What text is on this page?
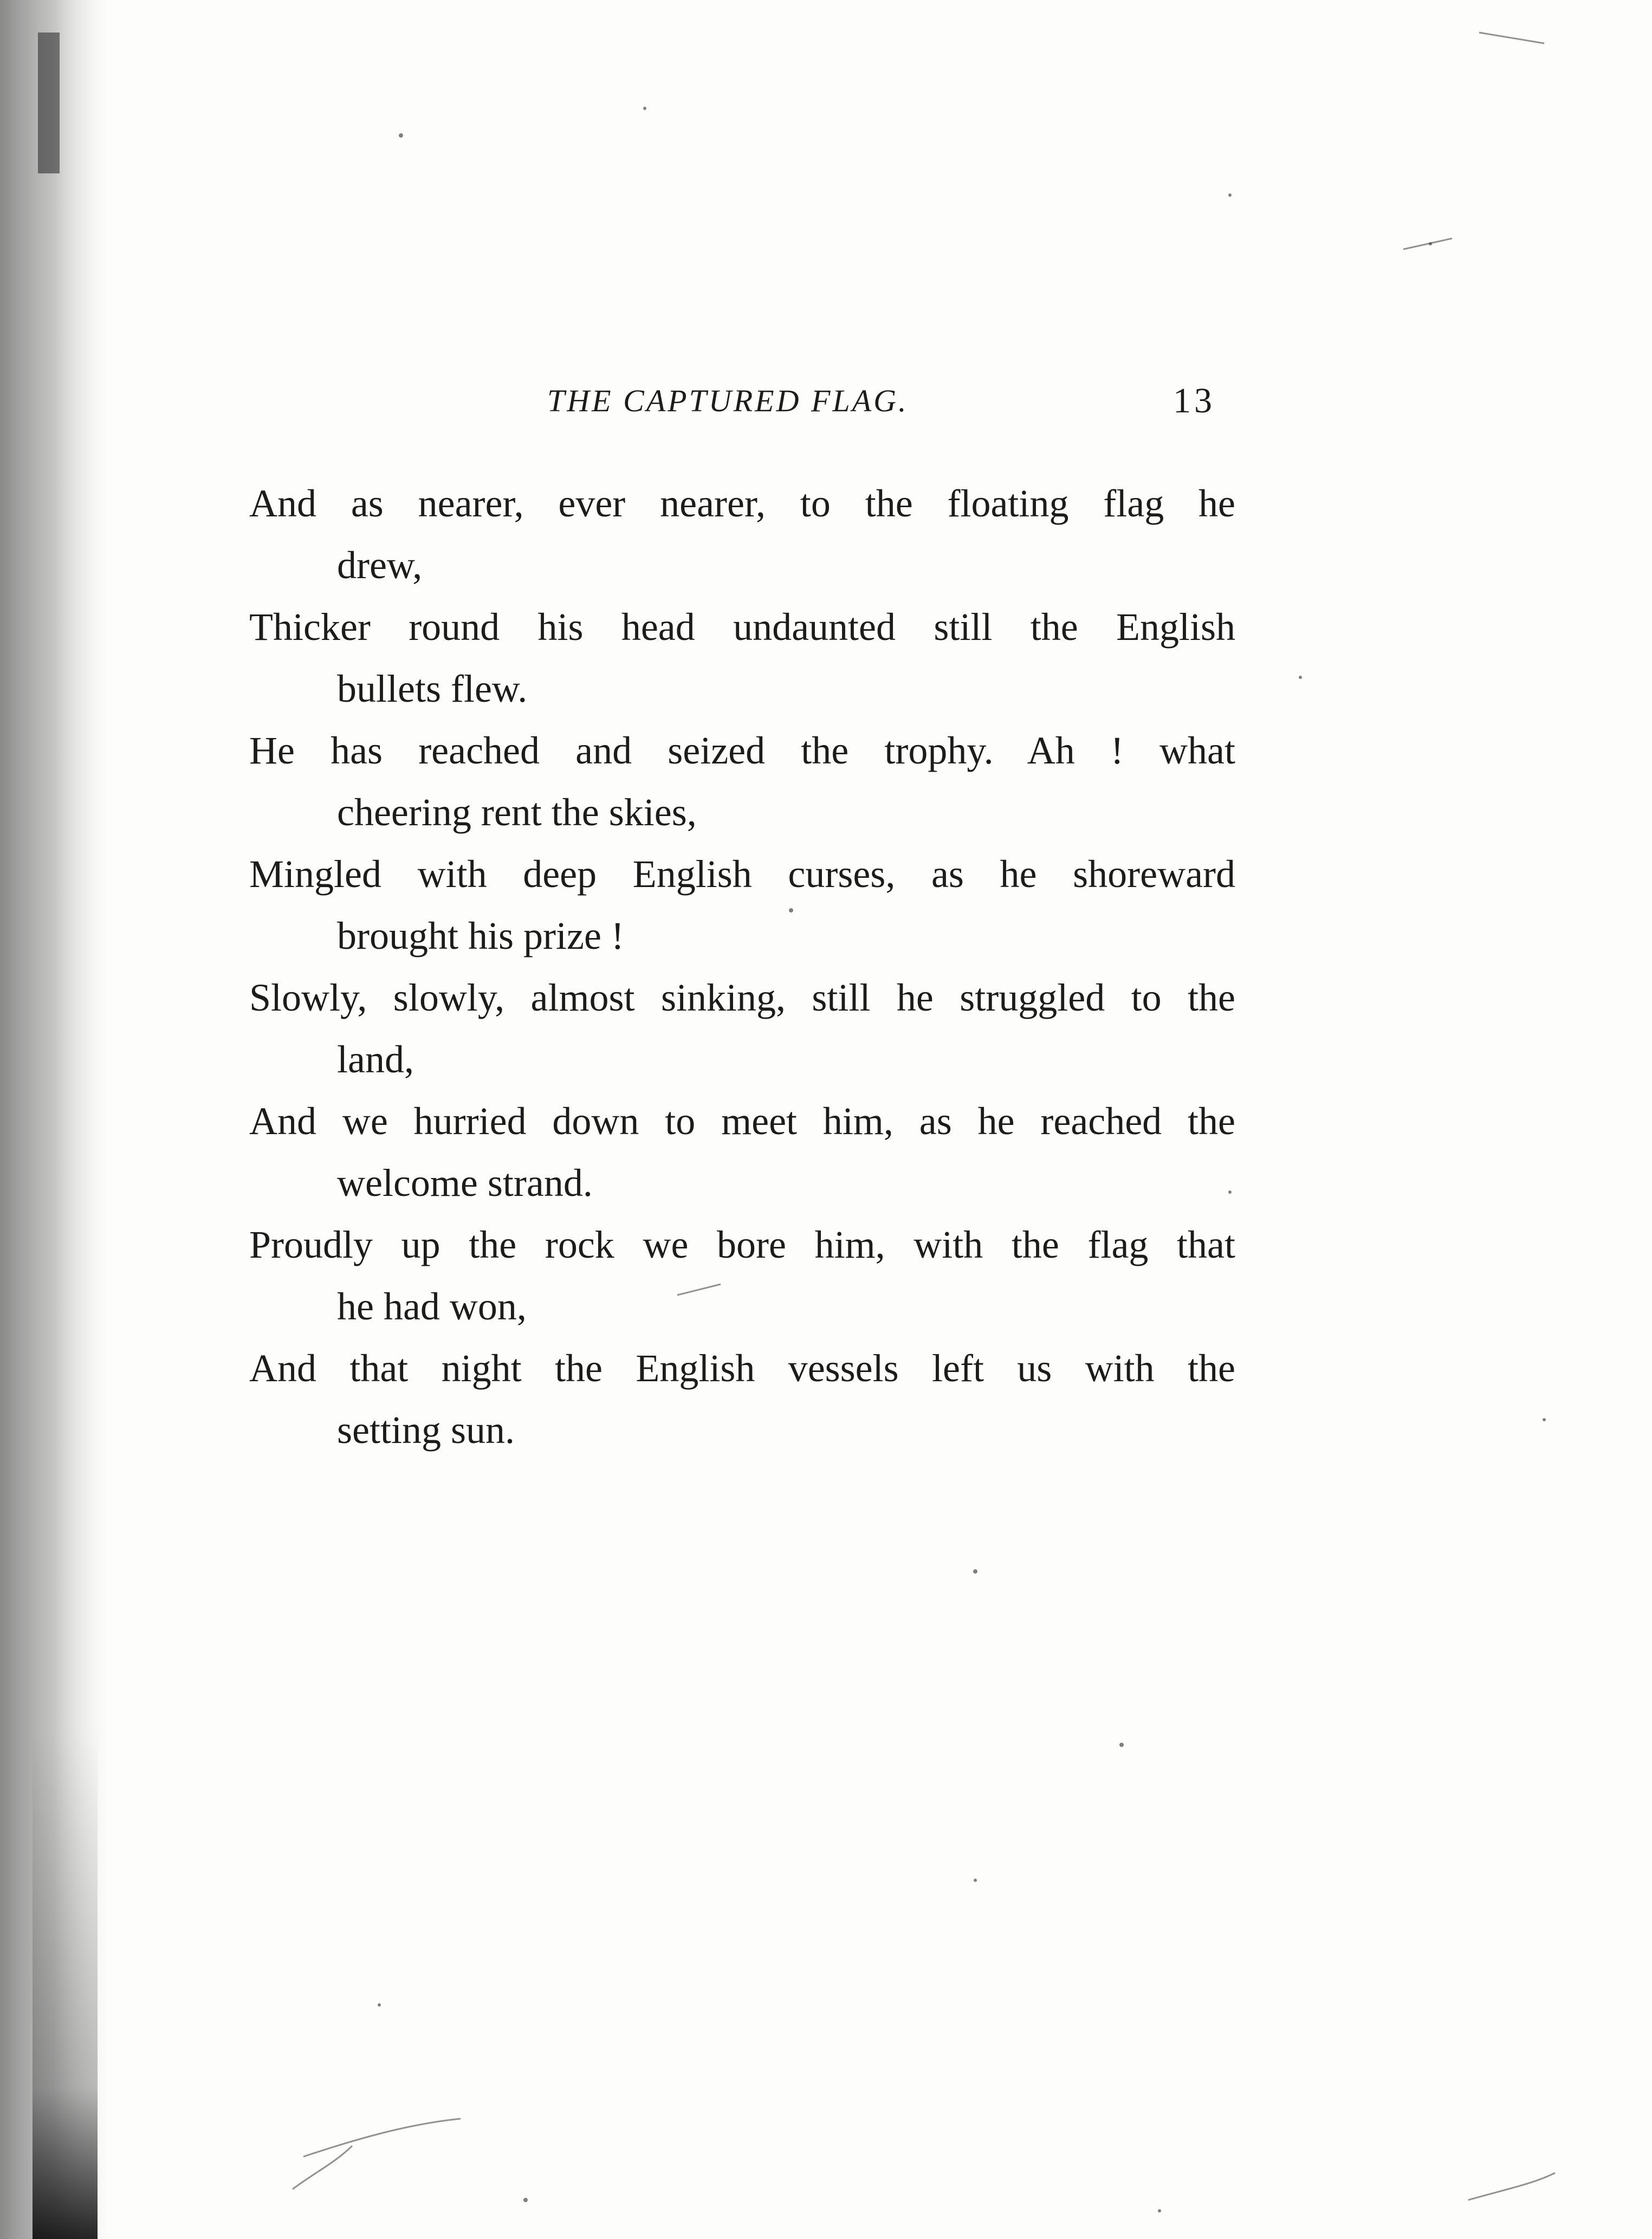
THE CAPTURED FLAG.	13

And as nearer, ever nearer, to the floating flag he

drew,

Thicker round his head undaunted still the English

bullets flew.

He has reached and seized the trophy. Ah ! what

cheering rent the skies,

Mingled with deep English curses, as he shoreward

brought his prize !

Slowly, slowly, almost sinking, still he struggled to the

land,

And we hurried down to meet him, as he reached the

welcome strand.

Proudly up the rock we bore him, with the flag that

he had won,

And that night the English vessels left us with the

setting sun.
